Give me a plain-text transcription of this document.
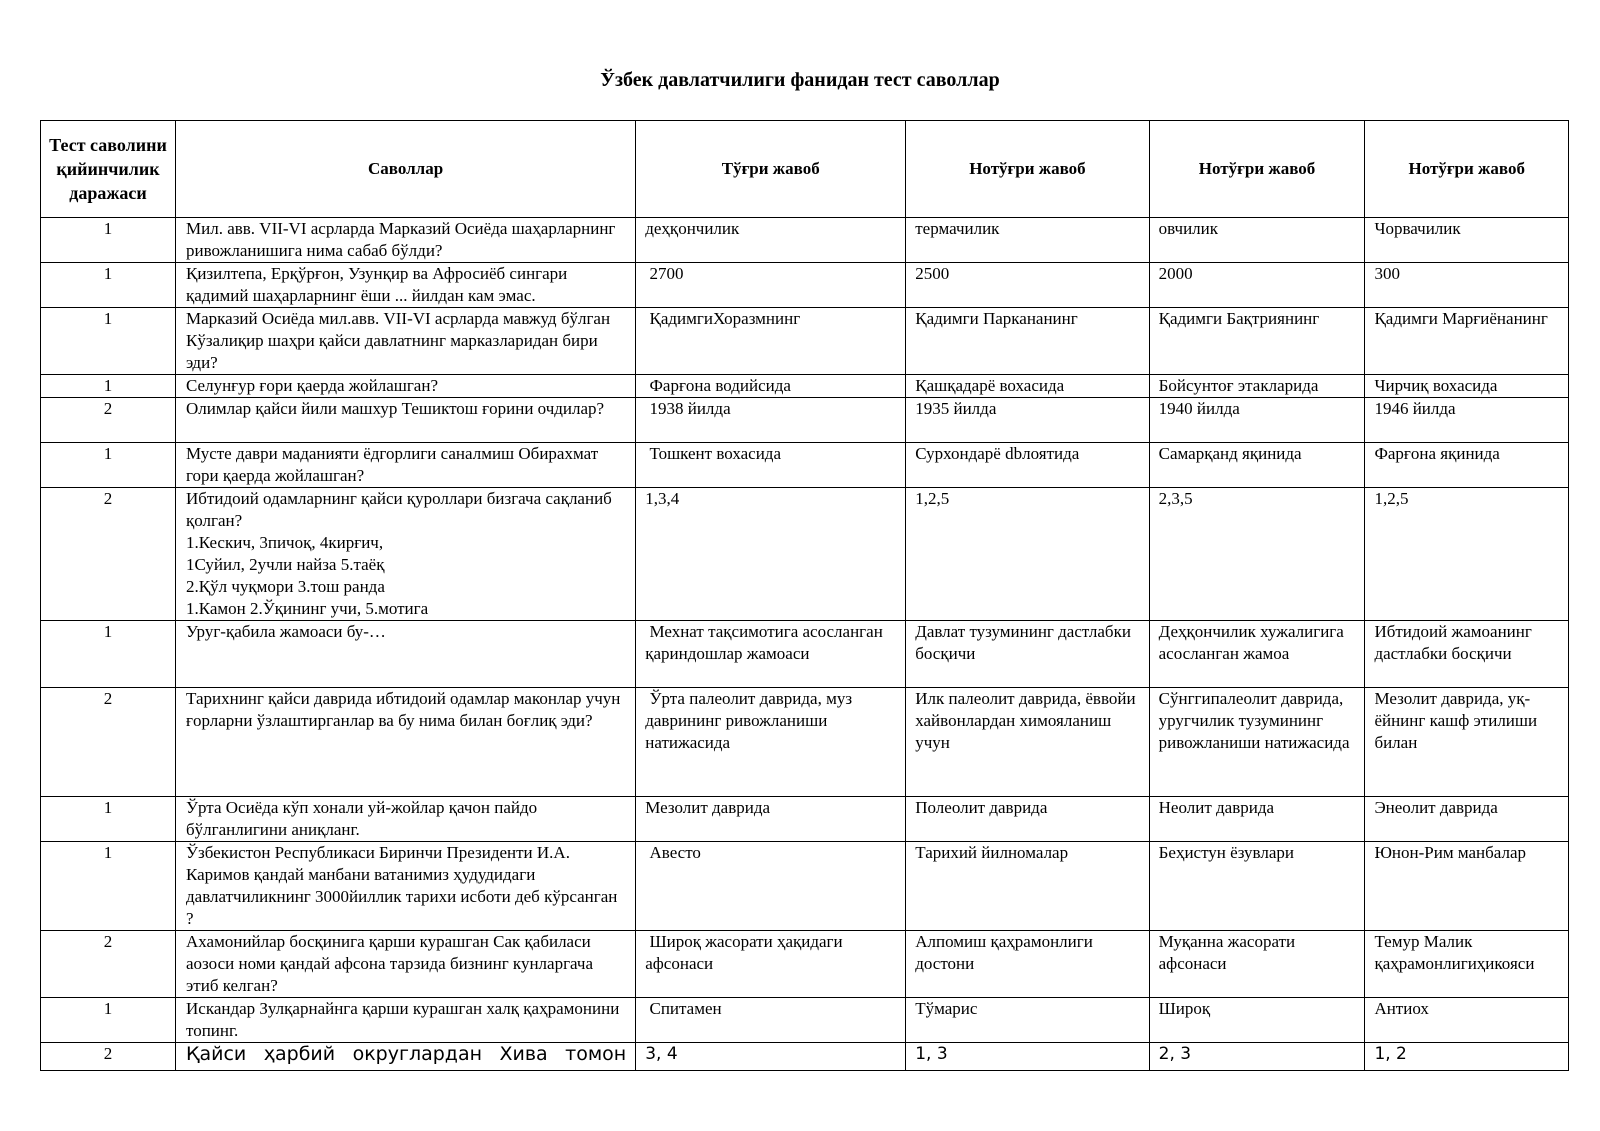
Ўзбек давлатчилиги фанидан тест саволлар
Тест саволини қийинчилик даражаси	Саволлар	Тўғри жавоб	Нотўғри жавоб	Нотўғри жавоб	Нотўғри жавоб
1	Мил. авв. VII-VI асрларда Марказий Осиёда шаҳарларнинг ривожланишига нима сабаб бўлди?	деҳқончилик	термачилик	овчилик	Чорвачилик
1	Қизилтепа, Ерқўрғон, Узунқир ва Афросиёб сингари қадимий шаҳарларнинг ёши ... йилдан кам эмас.	2700	2500	2000	300
1	Марказий Осиёда мил.авв. VII-VI асрларда мавжуд бўлган Кўзалиқир шаҳри қайси давлатнинг марказларидан бири эди?	ҚадимгиХоразмнинг	Қадимги Парканaнинг	Қадимги Бақтриянинг	Қадимги Марғиёнанинг
1	Селунғур ғори қаерда жойлашган?	Фарғона водийсида	Қашқадарё вохасида	Бойсунтоғ этакларида	Чирчиқ вохасида
2	Олимлар қайси йили машхур Тешиктош ғорини очдилар?	1938 йилда	1935 йилда	1940 йилда	1946 йилда
1	Мусте даври маданияти ёдгорлиги саналмиш Обирахмат гори қаерда жойлашган?	Тошкент вохасида	Сурхондарё dbлоятида	Самарқанд яқинида	Фарғона яқинида
2	Ибтидоий одамларнинг қайси қуроллари бизгача сақланиб қолган?
1.Кескич, 3пичоқ, 4кирғич,
1Суйил, 2учли найза 5.таёқ
2.Қўл чуқмори 3.тош ранда
1.Камон 2.Ўқининг учи, 5.мотига	1,3,4	1,2,5	2,3,5	1,2,5
1	Уруг-қабила жамоаси бу-…	Мехнат тақсимотига асосланган қариндошлар жамоаси	Давлат тузумининг дастлабки босқичи	Деҳқончилик хужалигига асосланган жамоа	Ибтидоий жамоанинг дастлабки босқичи
2	Тарихнинг қайси даврида ибтидоий одамлар маконлар учун ғорларни ўзлаштирганлар ва бу нима билан боғлиқ эди?	Ўрта палеолит даврида, муз даврининг ривожланиши натижасида	Илк палеолит даврида, ёввойи хайвонлардан химояланиш учун	Сўнггипалеолит даврида, уругчилик тузумининг ривожланиши натижасида	Мезолит даврида, уқ-ёйнинг кашф этилиши билан
1	Ўрта Осиёда кўп хонали уй-жойлар қачон пайдо бўлганлигини аниқланг.	Мезолит даврида	Полеолит даврида	Неолит даврида	Энеолит даврида
1	Ўзбекистон Республикаси Биринчи Президенти И.А. Каримов қандай манбани ватанимиз ҳудудидаги давлатчиликнинг 3000йиллик тарихи исботи деб кўрсанган ?	Авесто	Тарихий йилномалар	Беҳистун ёзувлари	Юнон-Рим манбалар
2	Ахамонийлар босқинига қарши курашган Сак қабиласи аозоси номи қандай афсона тарзида бизнинг кунларгача этиб келган?	Широқ жасорати ҳақидаги афсонаси	Алпомиш қаҳрамонлиги достони	Муқанна жасорати афсонаси	Темур Малик қаҳрамонлигиҳикояси
1	Искандар Зулқарнайнга қарши курашган халқ қаҳрамонини топинг.	Спитамен	Тўмарис	Широқ	Антиох
2	Қайси ҳарбий округлардан Хива томон	3, 4	1, 3	2, 3	1, 2
